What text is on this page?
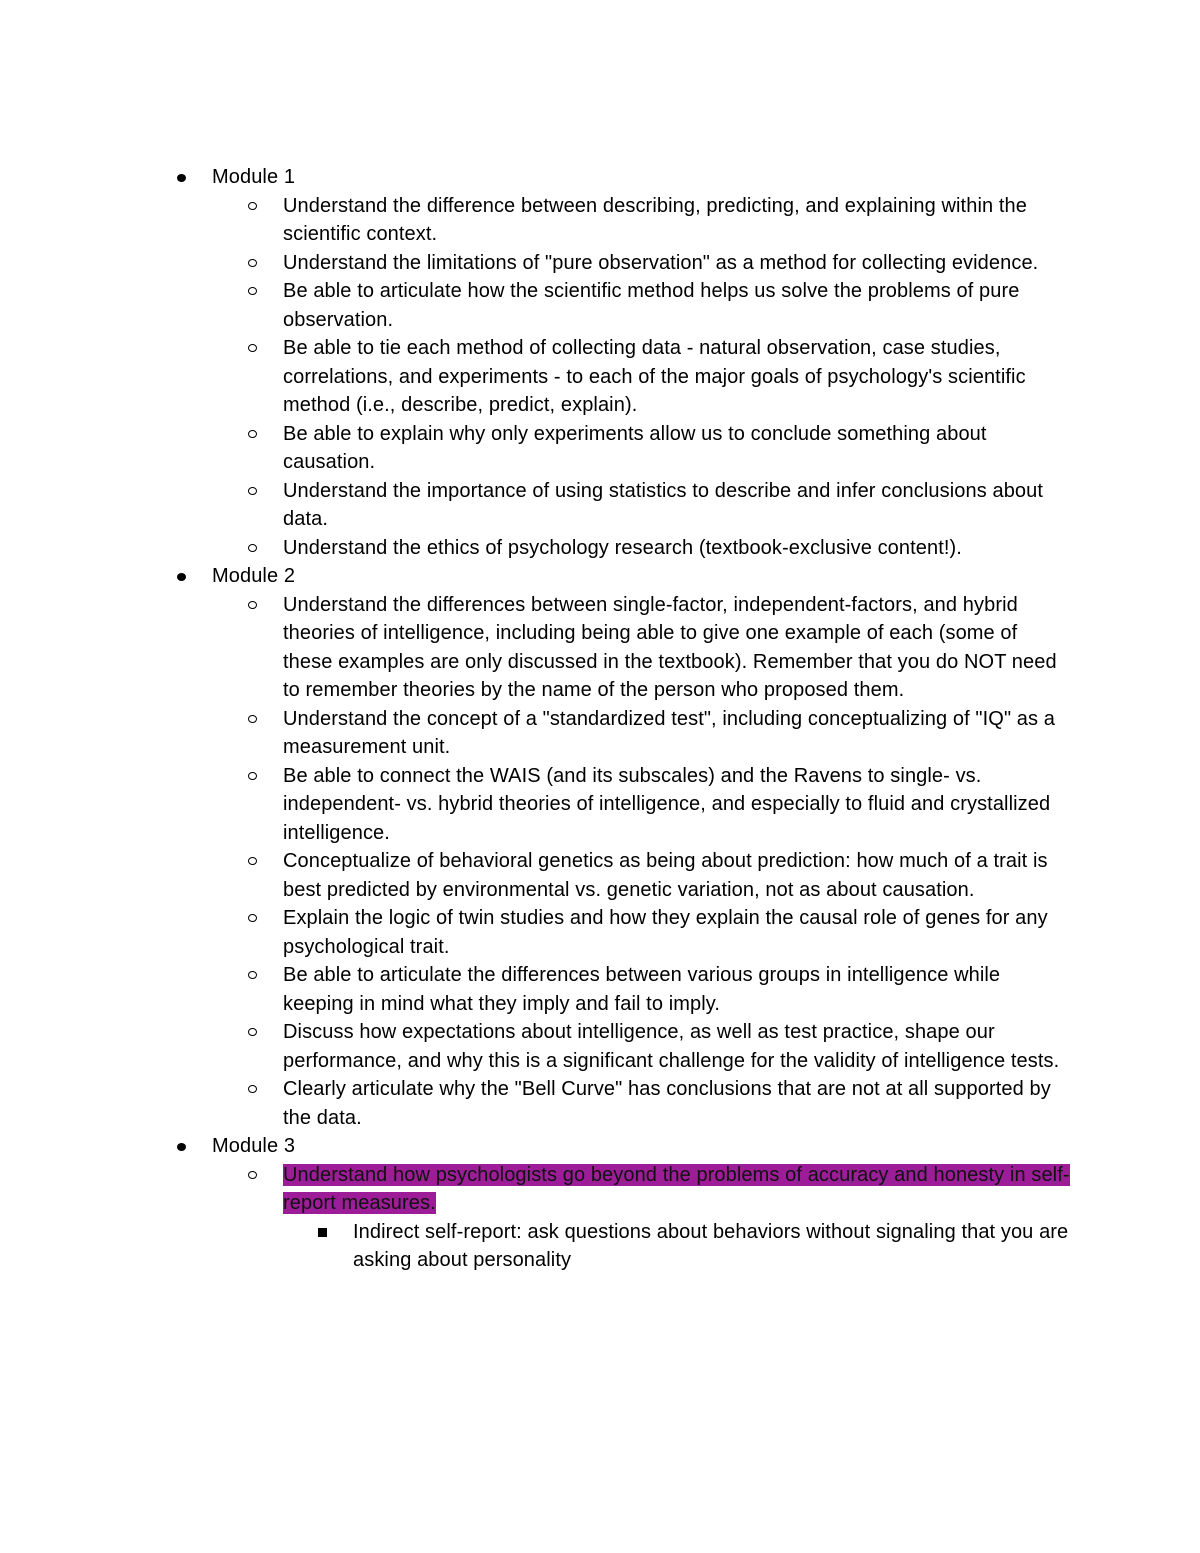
Module 1
Understand the difference between describing, predicting, and explaining within the scientific context.
Understand the limitations of "pure observation" as a method for collecting evidence.
Be able to articulate how the scientific method helps us solve the problems of pure observation.
Be able to tie each method of collecting data - natural observation, case studies, correlations, and experiments - to each of the major goals of psychology's scientific method (i.e., describe, predict, explain).
Be able to explain why only experiments allow us to conclude something about causation.
Understand the importance of using statistics to describe and infer conclusions about data.
Understand the ethics of psychology research (textbook-exclusive content!).
Module 2
Understand the differences between single-factor, independent-factors, and hybrid theories of intelligence, including being able to give one example of each (some of these examples are only discussed in the textbook). Remember that you do NOT need to remember theories by the name of the person who proposed them.
Understand the concept of a "standardized test", including conceptualizing of "IQ" as a measurement unit.
Be able to connect the WAIS (and its subscales) and the Ravens to single- vs. independent- vs. hybrid theories of intelligence, and especially to fluid and crystallized intelligence.
Conceptualize of behavioral genetics as being about prediction: how much of a trait is best predicted by environmental vs. genetic variation, not as about causation.
Explain the logic of twin studies and how they explain the causal role of genes for any psychological trait.
Be able to articulate the differences between various groups in intelligence while keeping in mind what they imply and fail to imply.
Discuss how expectations about intelligence, as well as test practice, shape our performance, and why this is a significant challenge for the validity of intelligence tests.
Clearly articulate why the "Bell Curve" has conclusions that are not at all supported by the data.
Module 3
Understand how psychologists go beyond the problems of accuracy and honesty in self-report measures.
Indirect self-report: ask questions about behaviors without signaling that you are asking about personality
